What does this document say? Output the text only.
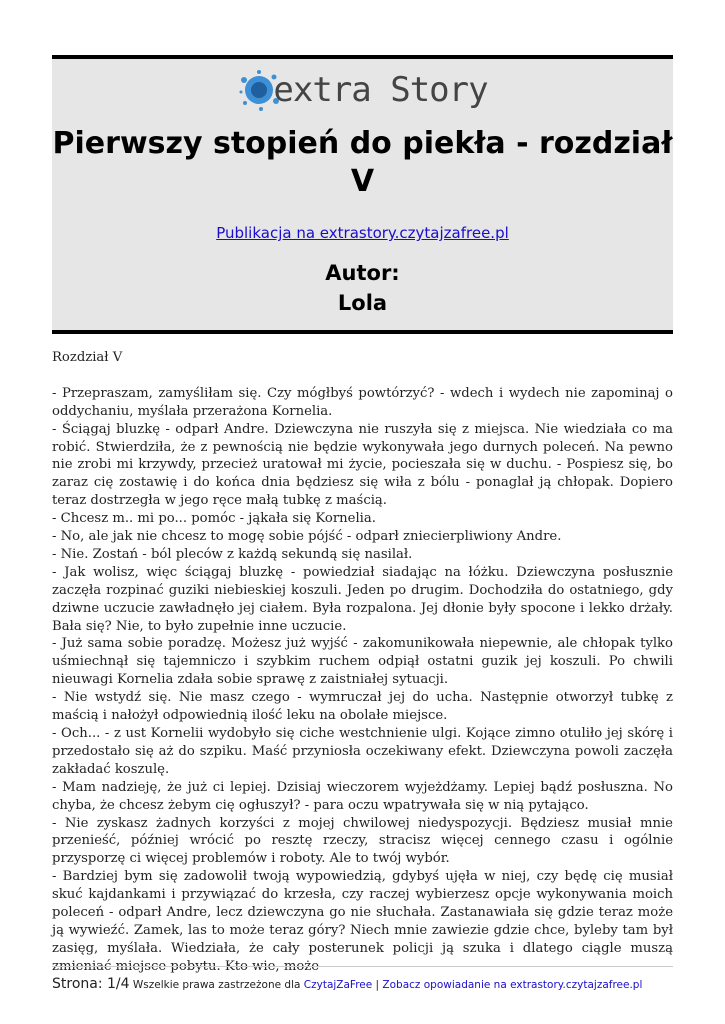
extra Story
Pierwszy stopień do piekła - rozdział V
Publikacja na extrastory.czytajzafree.pl
Autor:
Lola

Rozdział V

- Przepraszam, zamyśliłam się. Czy mógłbyś powtórzyć? - wdech i wydech nie zapominaj o oddychaniu, myślała przerażona Kornelia.

- Ściągaj bluzkę - odparł Andre. Dziewczyna nie ruszyła się z miejsca. Nie wiedziała co ma robić. Stwierdziła, że z pewnością nie będzie wykonywała jego durnych poleceń. Na pewno nie zrobi mi krzywdy, przecież uratował mi życie, pocieszała się w duchu. - Pospiesz się, bo zaraz cię zostawię i do końca dnia będziesz się wiła z bólu - ponaglał ją chłopak. Dopiero teraz dostrzegła w jego ręce małą tubkę z maścią.

- Chcesz m.. mi po... pomóc - jąkała się Kornelia.

- No, ale jak nie chcesz to mogę sobie pójść - odparł zniecierpliwiony Andre.

- Nie. Zostań - ból pleców z każdą sekundą się nasilał.

- Jak wolisz, więc ściągaj bluzkę - powiedział siadając na łóżku. Dziewczyna posłusznie zaczęła rozpinać guziki niebieskiej koszuli. Jeden po drugim. Dochodziła do ostatniego, gdy dziwne uczucie zawładnęło jej ciałem. Była rozpalona. Jej dłonie były spocone i lekko drżały. Bała się? Nie, to było zupełnie inne uczucie.

- Już sama sobie poradzę. Możesz już wyjść - zakomunikowała niepewnie, ale chłopak tylko uśmiechnął się tajemniczo i szybkim ruchem odpiął ostatni guzik jej koszuli. Po chwili nieuwagi Kornelia zdała sobie sprawę z zaistniałej sytuacji.

- Nie wstydź się. Nie masz czego - wymruczał jej do ucha. Następnie otworzył tubkę z maścią i nałożył odpowiednią ilość leku na obolałe miejsce.

- Och... - z ust Kornelii wydobyło się ciche westchnienie ulgi. Kojące zimno otuliło jej skórę i przedostało się aż do szpiku. Maść przyniosła oczekiwany efekt. Dziewczyna powoli zaczęła zakładać koszulę.

- Mam nadzieję, że już ci lepiej. Dzisiaj wieczorem wyjeżdżamy. Lepiej bądź posłuszna. No chyba, że chcesz żebym cię ogłuszył? - para oczu wpatrywała się w nią pytająco.

- Nie zyskasz żadnych korzyści z mojej chwilowej niedyspozycji. Będziesz musiał mnie przenieść, później wrócić po resztę rzeczy, stracisz więcej cennego czasu i ogólnie przysporzę ci więcej problemów i roboty. Ale to twój wybór.

- Bardziej bym się zadowolił twoją wypowiedzią, gdybyś ujęła w niej, czy będę cię musiał skuć kajdankami i przywiązać do krzesła, czy raczej wybierzesz opcje wykonywania moich poleceń - odparł Andre, lecz dziewczyna go nie słuchała. Zastanawiała się gdzie teraz może ją wywieźć. Zamek, las to może teraz góry? Niech mnie zawiezie gdzie chce, byleby tam był zasięg, myślała. Wiedziała, że cały posterunek policji ją szuka i dlatego ciągle muszą zmieniać miejsce pobytu. Kto wie, może

Strona: 1/4 Wszelkie prawa zastrzeżone dla CzytajZaFree | Zobacz opowiadanie na extrastory.czytajzafree.pl
